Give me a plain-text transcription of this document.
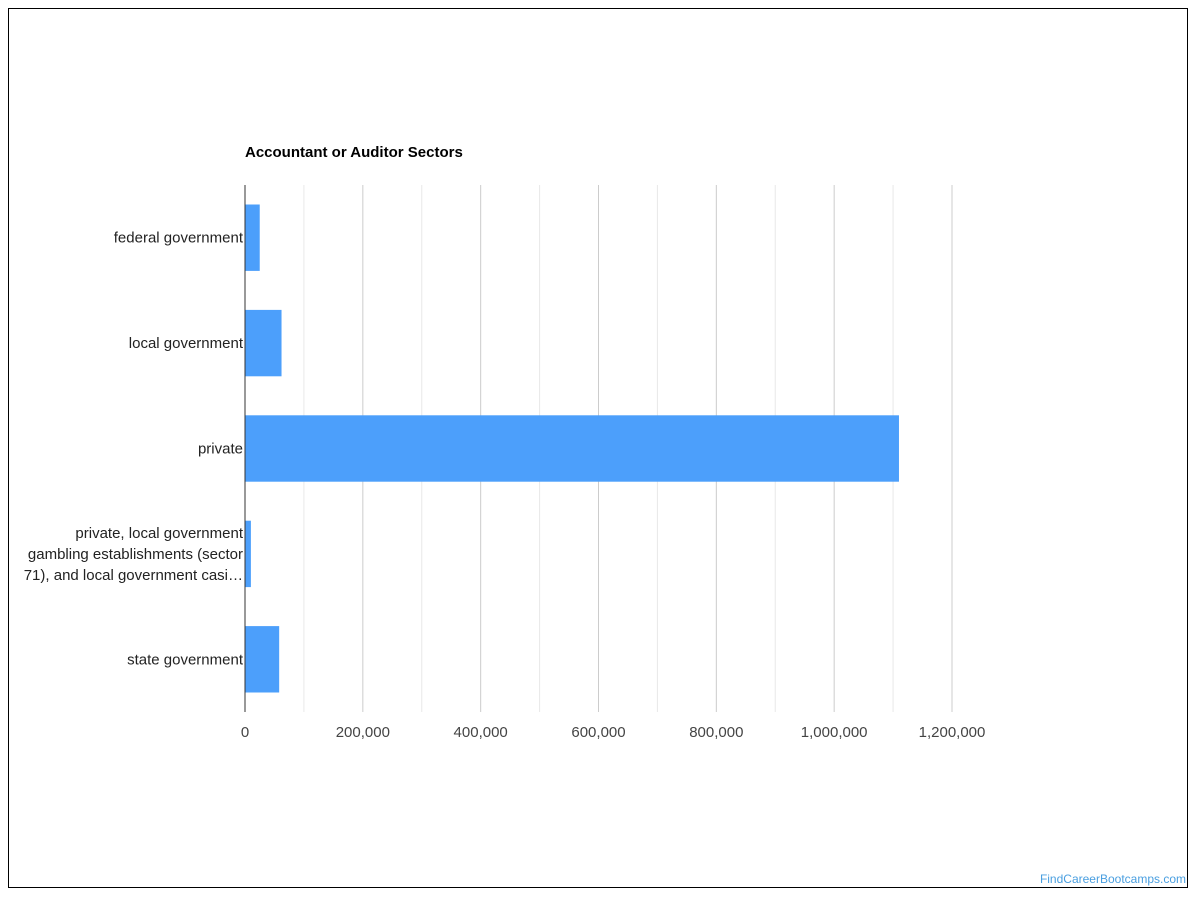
Accountant or Auditor Sectors
federal government
local government
private
private, local government
gambling establishments (sector
71), and local government casi…
state government
0	200,000	400,000	600,000	800,000	1,000,000	1,200,000
FindCareerBootcamps.com
